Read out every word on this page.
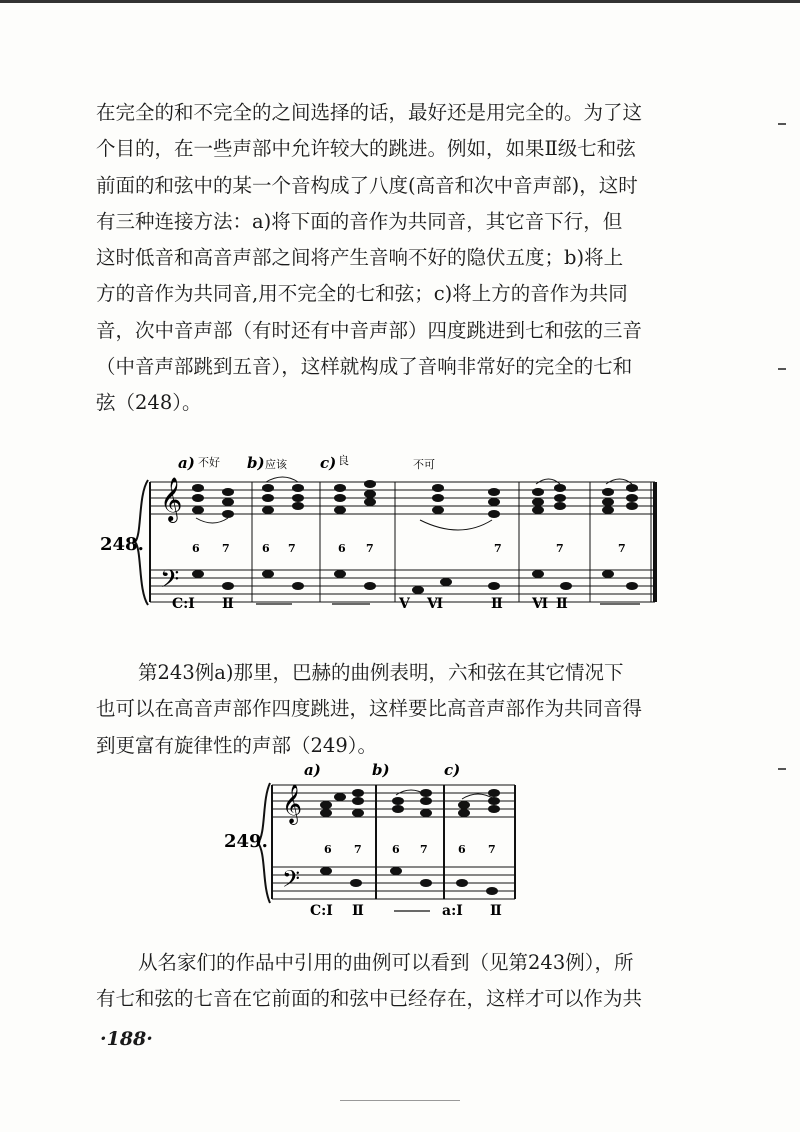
在完全的和不完全的之间选择的话，最好还是用完全的。为了这
个目的，在一些声部中允许较大的跳进。例如，如果Ⅱ级七和弦
前面的和弦中的某一个音构成了八度(高音和次中音声部)，这时
有三种连接方法：a)将下面的音作为共同音，其它音下行，但
这时低音和高音声部之间将产生音响不好的隐伏五度；b)将上
方的音作为共同音,用不完全的七和弦；c)将上方的音作为共同
音，次中音声部（有时还有中音声部）四度跳进到七和弦的三音
（中音声部跳到五音），这样就构成了音响非常好的完全的七和
弦（248）。
𝄞
𝄢
248.
a) 不好 b) 应该 c) 良	不可
6 7	6 7	6 7	7	7	7
C:Ⅰ Ⅱ	V Ⅵ	Ⅱ Ⅵ Ⅱ
第243例a)那里，巴赫的曲例表明，六和弦在其它情况下
也可以在高音声部作四度跳进，这样要比高音声部作为共同音得
到更富有旋律性的声部（249）。
𝄞
𝄢
249.
a)	b)	c)
6 7	6 7	6 7
C:Ⅰ Ⅱ	a:Ⅰ Ⅱ
从名家们的作品中引用的曲例可以看到（见第243例），所
有七和弦的七音在它前面的和弦中已经存在，这样才可以作为共
·188·
